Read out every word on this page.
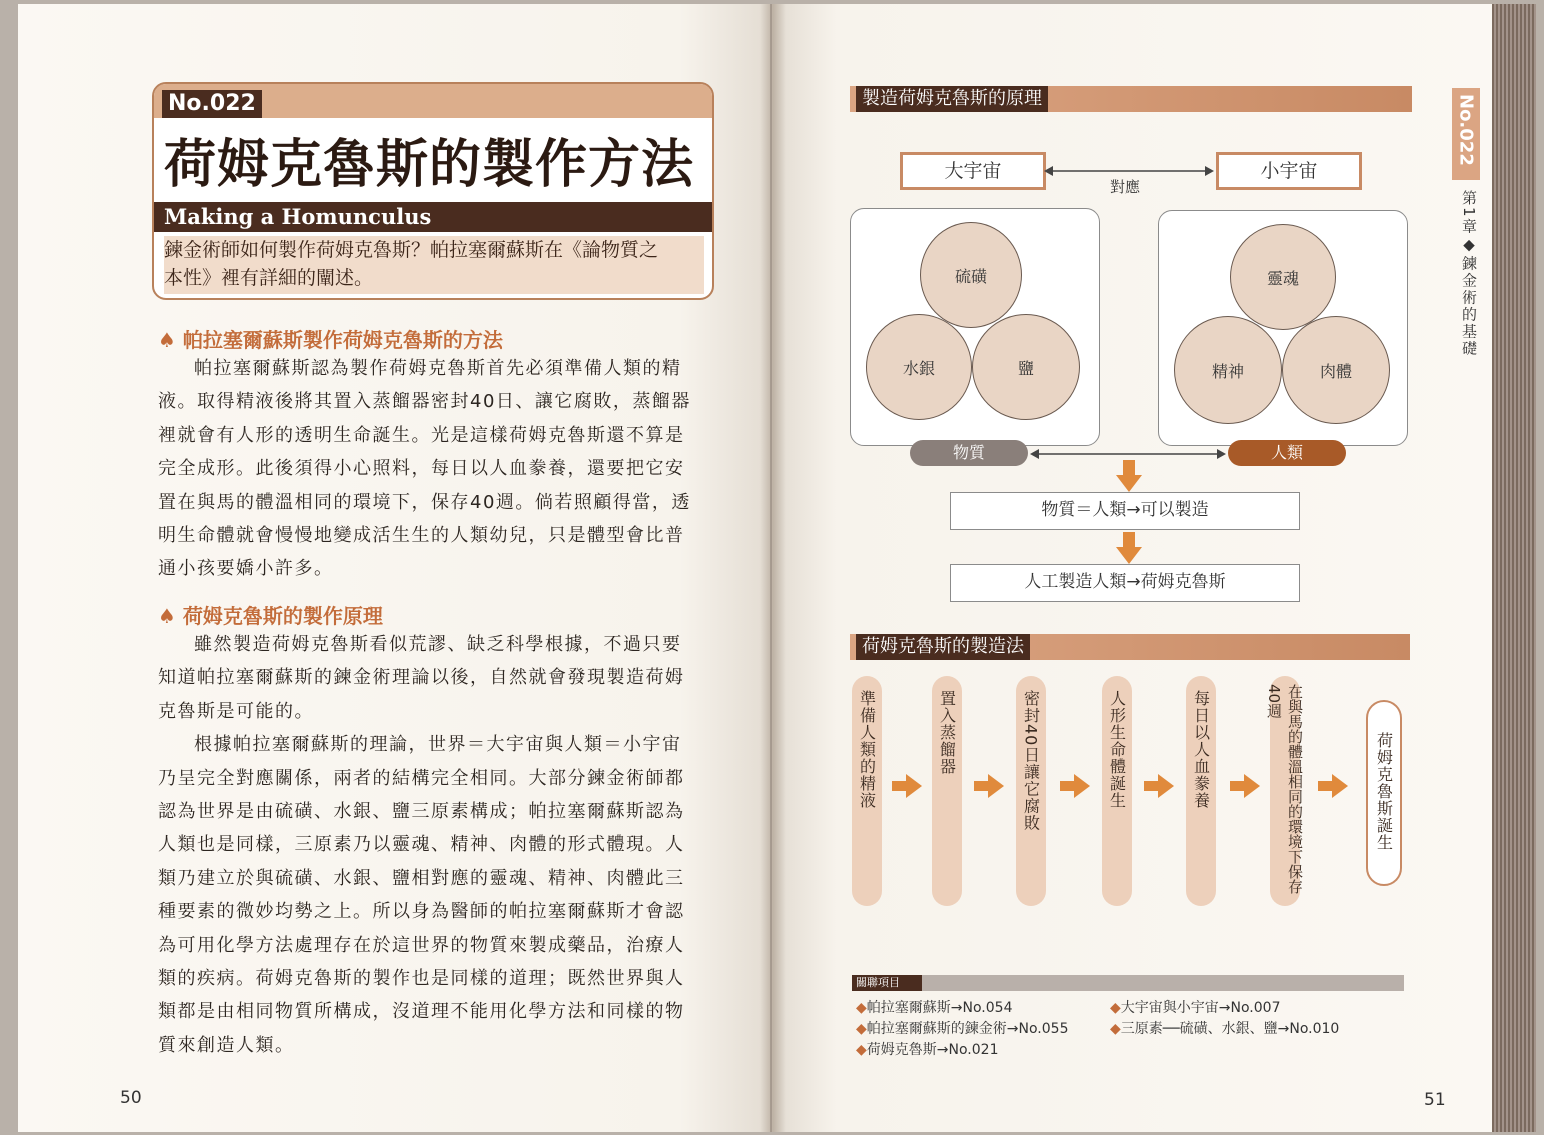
No.022
荷姆克魯斯的製作方法
Making a Homunculus
鍊金術師如何製作荷姆克魯斯？帕拉塞爾蘇斯在《論物質之
本性》裡有詳細的闡述。
♠ 帕拉塞爾蘇斯製作荷姆克魯斯的方法
帕拉塞爾蘇斯認為製作荷姆克魯斯首先必須準備人類的精
液。取得精液後將其置入蒸餾器密封40日、讓它腐敗，蒸餾器
裡就會有人形的透明生命誕生。光是這樣荷姆克魯斯還不算是
完全成形。此後須得小心照料，每日以人血豢養，還要把它安
置在與馬的體溫相同的環境下，保存40週。倘若照顧得當，透
明生命體就會慢慢地變成活生生的人類幼兒，只是體型會比普
通小孩要嬌小許多。
♠ 荷姆克魯斯的製作原理
雖然製造荷姆克魯斯看似荒謬、缺乏科學根據，不過只要
知道帕拉塞爾蘇斯的鍊金術理論以後，自然就會發現製造荷姆
克魯斯是可能的。
根據帕拉塞爾蘇斯的理論，世界＝大宇宙與人類＝小宇宙
乃呈完全對應關係，兩者的結構完全相同。大部分鍊金術師都
認為世界是由硫磺、水銀、鹽三原素構成；帕拉塞爾蘇斯認為
人類也是同樣，三原素乃以靈魂、精神、肉體的形式體現。人
類乃建立於與硫磺、水銀、鹽相對應的靈魂、精神、肉體此三
種要素的微妙均勢之上。所以身為醫師的帕拉塞爾蘇斯才會認
為可用化學方法處理存在於這世界的物質來製成藥品，治療人
類的疾病。荷姆克魯斯的製作也是同樣的道理；既然世界與人
類都是由相同物質所構成，沒道理不能用化學方法和同樣的物
質來創造人類。
50
No.022
第1章◆鍊金術的基礎
製造荷姆克魯斯的原理
大宇宙	小宇宙
對應
硫磺
水銀	鹽
靈魂
精神	肉體
物質	人類
物質＝人類→可以製造
人工製造人類→荷姆克魯斯
荷姆克魯斯的製造法
準備人類的精液	置入蒸餾器	密封40日讓它腐敗	人形生命體誕生	每日以人血豢養	在與馬的體溫相同的環境下保存40週
荷姆克魯斯誕生
關聯項目
◆帕拉塞爾蘇斯→No.054
◆帕拉塞爾蘇斯的鍊金術→No.055
◆荷姆克魯斯→No.021
◆大宇宙與小宇宙→No.007
◆三原素──硫磺、水銀、鹽→No.010
51
